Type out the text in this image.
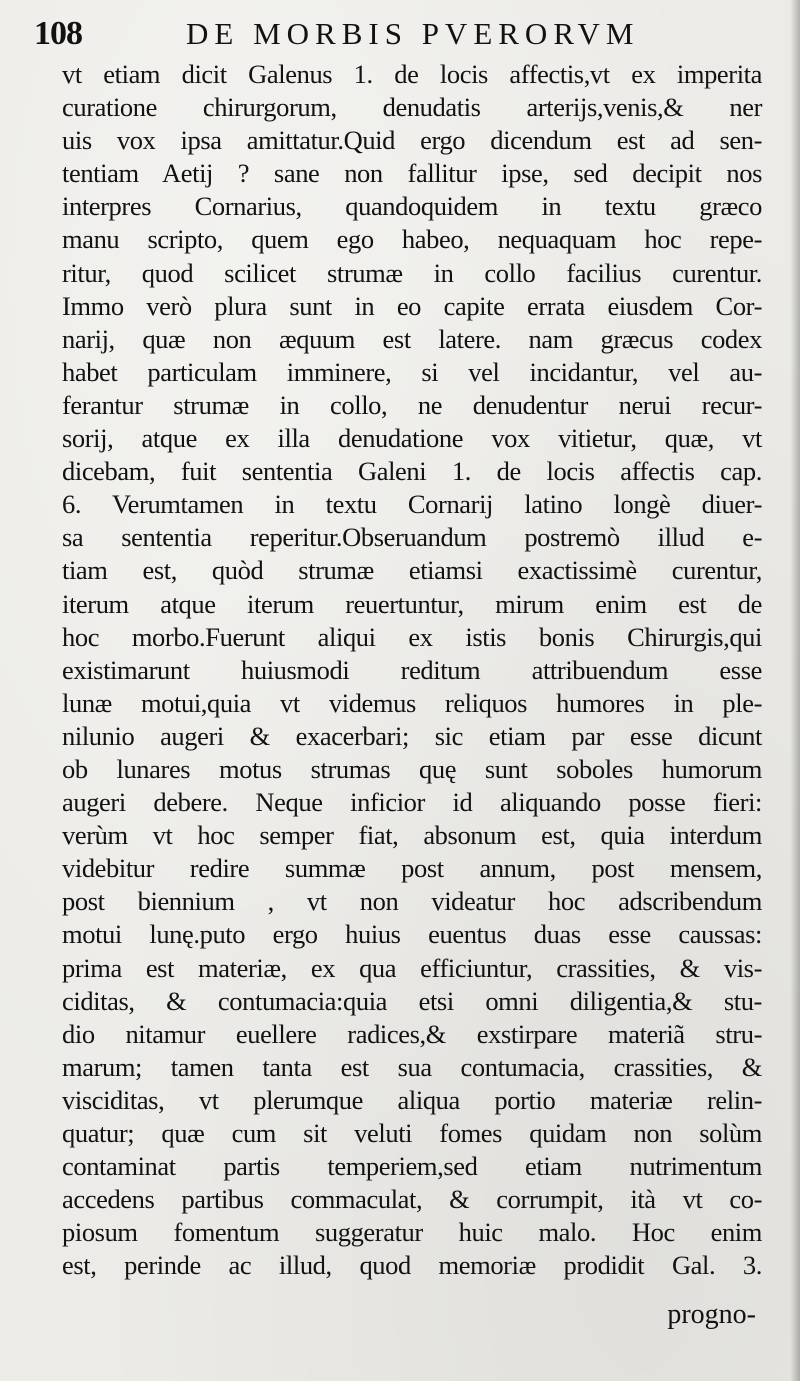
108	DE MORBIS PVERORVM
vt etiam dicit Galenus 1. de locis affectis,vt ex imperita
curatione chirurgorum, denudatis arterijs,venis,& ner
uis vox ipsa amittatur.Quid ergo dicendum est ad sen-
tentiam Aetij ? sane non fallitur ipse, sed decipit nos
interpres Cornarius, quandoquidem in textu græco
manu scripto, quem ego habeo, nequaquam hoc repe-
ritur, quod scilicet strumæ in collo facilius curentur.
Immo verò plura sunt in eo capite errata eiusdem Cor-
narij, quæ non æquum est latere. nam græcus codex
habet particulam imminere, si vel incidantur, vel au-
ferantur strumæ in collo, ne denudentur nerui recur-
sorij, atque ex illa denudatione vox vitietur, quæ, vt
dicebam, fuit sententia Galeni 1. de locis affectis cap.
6. Verumtamen in textu Cornarij latino longè diuer-
sa sententia reperitur.Obseruandum postremò illud e-
tiam est, quòd strumæ etiamsi exactissimè curentur,
iterum atque iterum reuertuntur, mirum enim est de
hoc morbo.Fuerunt aliqui ex istis bonis Chirurgis,qui
existimarunt huiusmodi reditum attribuendum esse
lunæ motui,quia vt videmus reliquos humores in ple-
nilunio augeri & exacerbari; sic etiam par esse dicunt
ob lunares motus strumas quę sunt soboles humorum
augeri debere. Neque inficior id aliquando posse fieri:
verùm vt hoc semper fiat, absonum est, quia interdum
videbitur redire summæ post annum, post mensem,
post biennium , vt non videatur hoc adscribendum
motui lunę.puto ergo huius euentus duas esse caussas:
prima est materiæ, ex qua efficiuntur, crassities, & vis-
ciditas, & contumacia:quia etsi omni diligentia,& stu-
dio nitamur euellere radices,& exstirpare materiã stru-
marum; tamen tanta est sua contumacia, crassities, &
visciditas, vt plerumque aliqua portio materiæ relin-
quatur; quæ cum sit veluti fomes quidam non solùm
contaminat partis temperiem,sed etiam nutrimentum
accedens partibus commaculat, & corrumpit, ità vt co-
piosum fomentum suggeratur huic malo. Hoc enim
est, perinde ac illud, quod memoriæ prodidit Gal. 3.
progno-
